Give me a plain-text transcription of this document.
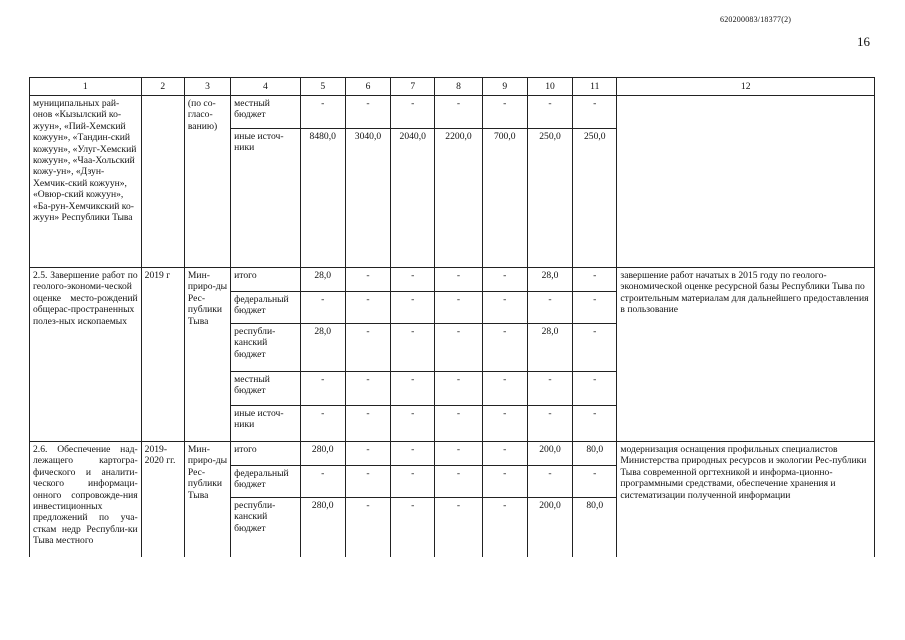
620200083/18377(2)
16
1	2	3	4	5	6	7	8	9	10	11	12
муниципальных рай-онов «Кызылский ко-жуун», «Пий-Хемский кожуун», «Тандин-ский кожуун», «Улуг-Хемский кожуун», «Чаа-Хольский кожу-ун», «Дзун-Хемчик-ский кожуун», «Овюр-ский кожуун», «Ба-рун-Хемчикский ко-жуун» Республики Тыва		(по со-гласо-ванию)	местный бюджет	-	-	-	-	-	-	-	
			иные источ-ники	8480,0	3040,0	2040,0	2200,0	700,0	250,0	250,0	
2.5. Завершение работ по геолого-экономи-ческой оценке место-рождений общерас-пространенных полез-ных ископаемых	2019 г	Мин-приро-ды Рес-публики Тыва	итого	28,0	-	-	-	-	28,0	-	завершение работ начатых в 2015 году по геолого-экономической оценке ресурсной базы Республики Тыва по строительным материалам для дальнейшего предоставления в пользование
			федеральный бюджет	-	-	-	-	-	-	-	
			республи-канский бюджет	28,0	-	-	-	-	28,0	-	
			местный бюджет	-	-	-	-	-	-	-	
			иные источ-ники	-	-	-	-	-	-	-	
2.6. Обеспечение над-лежащего картогра-фического и аналити-ческого информаци-онного сопровожде-ния инвестиционных предложений по уча-сткам недр Республи-ки Тыва местного	2019-2020 гг.	Мин-приро-ды Рес-публики Тыва	итого	280,0	-	-	-	-	200,0	80,0	модернизация оснащения профильных специалистов Министерства природных ресурсов и экологии Рес-публики Тыва современной оргтехникой и информа-ционно-программными средствами, обеспечение хранения и систематизации полученной информации
			федеральный бюджет	-	-	-	-	-	-	-	
			республи-канский бюджет	280,0	-	-	-	-	200,0	80,0	
